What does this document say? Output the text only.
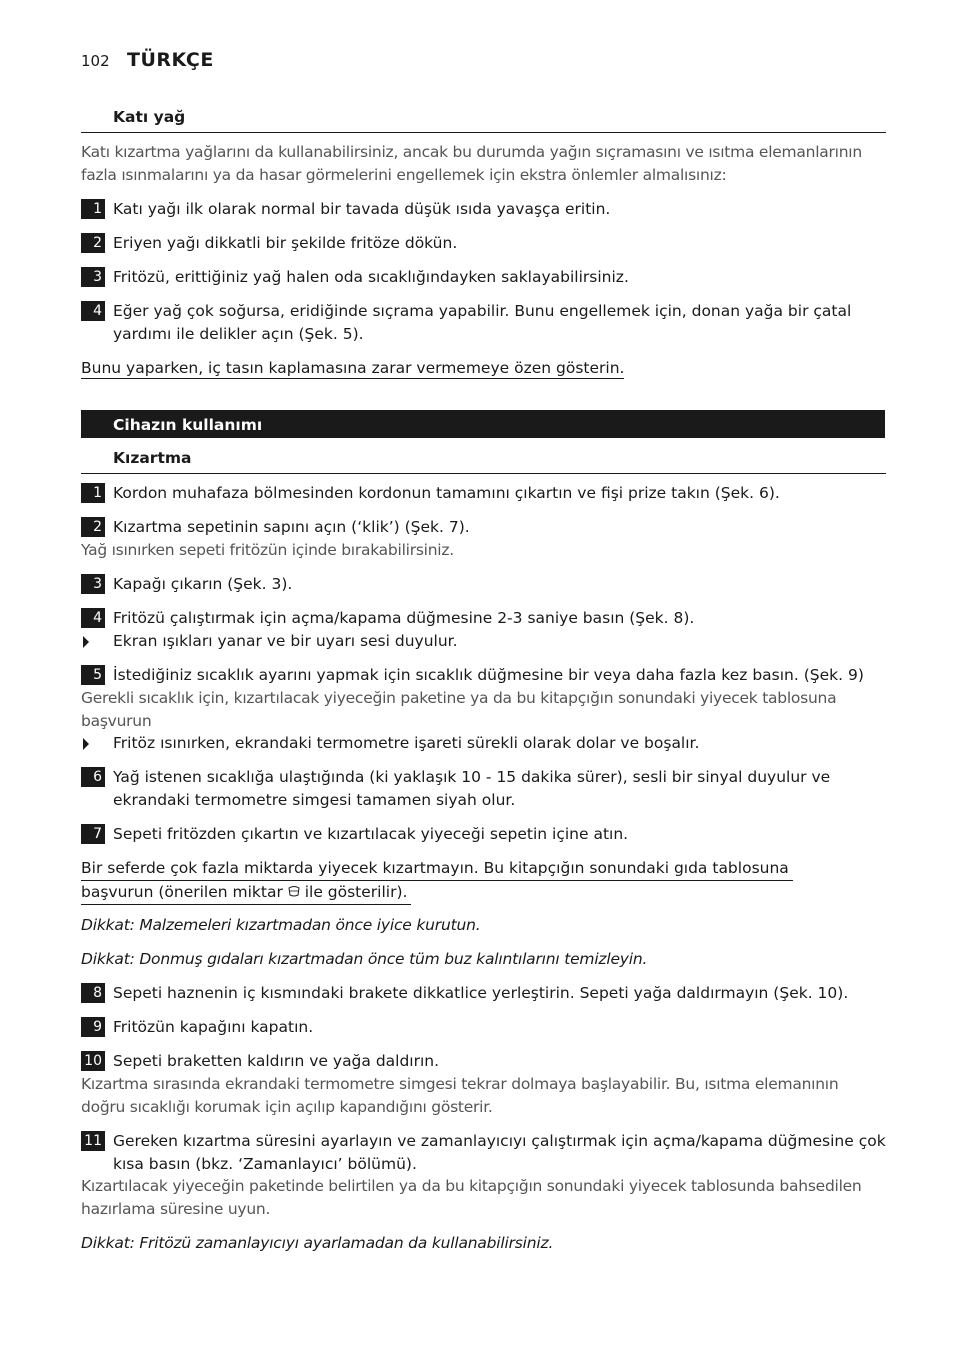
102 TÜRKÇE
Katı yağ
Katı kızartma yağlarını da kullanabilirsiniz, ancak bu durumda yağın sıçramasını ve ısıtma elemanlarının fazla ısınmalarını ya da hasar görmelerini engellemek için ekstra önlemler almalısınız:
1 Katı yağı ilk olarak normal bir tavada düşük ısıda yavaşça eritin.
2 Eriyen yağı dikkatli bir şekilde fritöze dökün.
3 Fritözü, erittiğiniz yağ halen oda sıcaklığındayken saklayabilirsiniz.
4 Eğer yağ çok soğursa, eridiğinde sıçrama yapabilir. Bunu engellemek için, donan yağa bir çatal yardımı ile delikler açın (Şek. 5).
Bunu yaparken, iç tasın kaplamasına zarar vermemeye özen gösterin.
Cihazın kullanımı
Kızartma
1 Kordon muhafaza bölmesinden kordonun tamamını çıkartın ve fişi prize takın (Şek. 6).
2 Kızartma sepetinin sapını açın (‘klik’) (Şek. 7).
Yağ ısınırken sepeti fritözün içinde bırakabilirsiniz.
3 Kapağı çıkarın (Şek. 3).
4 Fritözü çalıştırmak için açma/kapama düğmesine 2-3 saniye basın (Şek. 8).
Ekran ışıkları yanar ve bir uyarı sesi duyulur.
5 İstediğiniz sıcaklık ayarını yapmak için sıcaklık düğmesine bir veya daha fazla kez basın. (Şek. 9)
Gerekli sıcaklık için, kızartılacak yiyeceğin paketine ya da bu kitapçığın sonundaki yiyecek tablosuna başvurun
Fritöz ısınırken, ekrandaki termometre işareti sürekli olarak dolar ve boşalır.
6 Yağ istenen sıcaklığa ulaştığında (ki yaklaşık 10 - 15 dakika sürer), sesli bir sinyal duyulur ve ekrandaki termometre simgesi tamamen siyah olur.
7 Sepeti fritözden çıkartın ve kızartılacak yiyeceği sepetin içine atın.
Bir seferde çok fazla miktarda yiyecek kızartmayın. Bu kitapçığın sonundaki gıda tablosuna
başvurun (önerilen miktar  ile gösterilir).
Dikkat: Malzemeleri kızartmadan önce iyice kurutun.
Dikkat: Donmuş gıdaları kızartmadan önce tüm buz kalıntılarını temizleyin.
8 Sepeti haznenin iç kısmındaki brakete dikkatlice yerleştirin. Sepeti yağa daldırmayın (Şek. 10).
9 Fritözün kapağını kapatın.
10 Sepeti braketten kaldırın ve yağa daldırın.
Kızartma sırasında ekrandaki termometre simgesi tekrar dolmaya başlayabilir. Bu, ısıtma elemanının doğru sıcaklığı korumak için açılıp kapandığını gösterir.
11 Gereken kızartma süresini ayarlayın ve zamanlayıcıyı çalıştırmak için açma/kapama düğmesine çok kısa basın (bkz. ‘Zamanlayıcı’ bölümü).
Kızartılacak yiyeceğin paketinde belirtilen ya da bu kitapçığın sonundaki yiyecek tablosunda bahsedilen hazırlama süresine uyun.
Dikkat: Fritözü zamanlayıcıyı ayarlamadan da kullanabilirsiniz.
